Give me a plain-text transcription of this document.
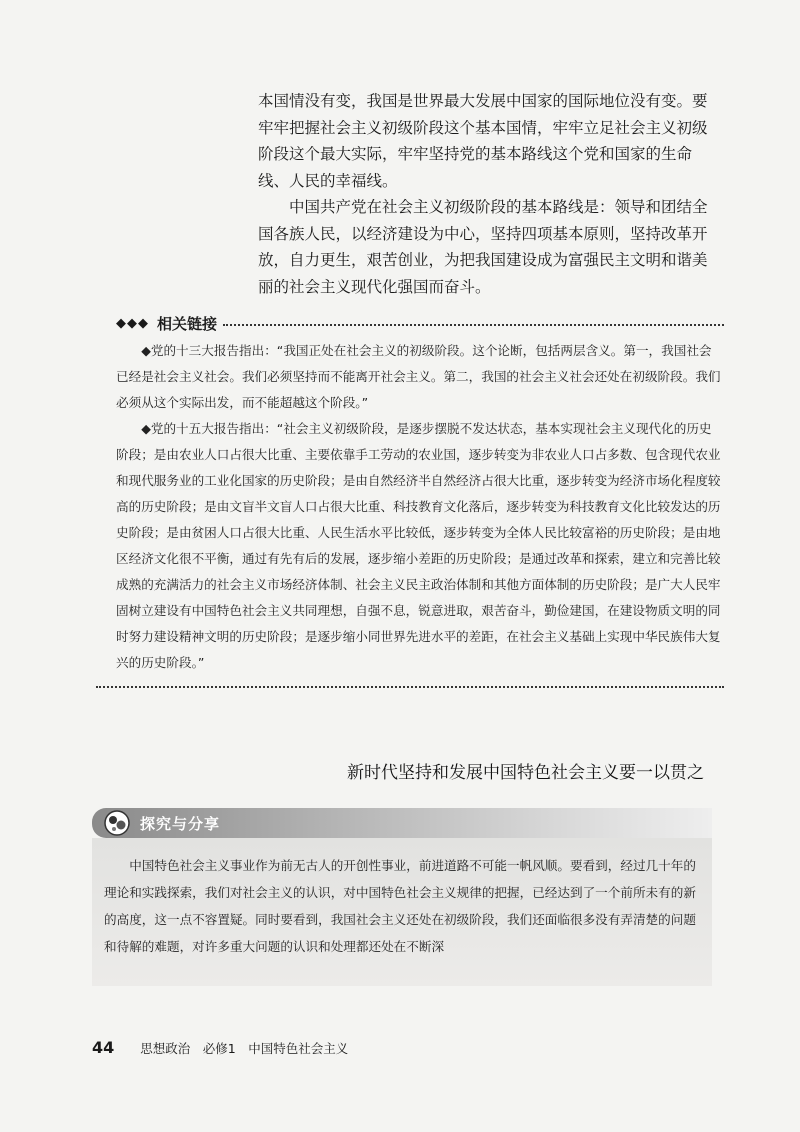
本国情没有变，我国是世界最大发展中国家的国际地位没有变。要牢牢把握社会主义初级阶段这个基本国情，牢牢立足社会主义初级阶段这个最大实际，牢牢坚持党的基本路线这个党和国家的生命线、人民的幸福线。

中国共产党在社会主义初级阶段的基本路线是：领导和团结全国各族人民，以经济建设为中心，坚持四项基本原则，坚持改革开放，自力更生，艰苦创业，为把我国建设成为富强民主文明和谐美丽的社会主义现代化强国而奋斗。

◆◆◆ 相关链接

◆党的十三大报告指出：“我国正处在社会主义的初级阶段。这个论断，包括两层含义。第一，我国社会已经是社会主义社会。我们必须坚持而不能离开社会主义。第二，我国的社会主义社会还处在初级阶段。我们必须从这个实际出发，而不能超越这个阶段。”

◆党的十五大报告指出：“社会主义初级阶段，是逐步摆脱不发达状态，基本实现社会主义现代化的历史阶段；是由农业人口占很大比重、主要依靠手工劳动的农业国，逐步转变为非农业人口占多数、包含现代农业和现代服务业的工业化国家的历史阶段；是由自然经济半自然经济占很大比重，逐步转变为经济市场化程度较高的历史阶段；是由文盲半文盲人口占很大比重、科技教育文化落后，逐步转变为科技教育文化比较发达的历史阶段；是由贫困人口占很大比重、人民生活水平比较低，逐步转变为全体人民比较富裕的历史阶段；是由地区经济文化很不平衡，通过有先有后的发展，逐步缩小差距的历史阶段；是通过改革和探索，建立和完善比较成熟的充满活力的社会主义市场经济体制、社会主义民主政治体制和其他方面体制的历史阶段；是广大人民牢固树立建设有中国特色社会主义共同理想，自强不息，锐意进取，艰苦奋斗，勤俭建国，在建设物质文明的同时努力建设精神文明的历史阶段；是逐步缩小同世界先进水平的差距，在社会主义基础上实现中华民族伟大复兴的历史阶段。”

新时代坚持和发展中国特色社会主义要一以贯之
探究与分享

中国特色社会主义事业作为前无古人的开创性事业，前进道路不可能一帆风顺。要看到，经过几十年的理论和实践探索，我们对社会主义的认识，对中国特色社会主义规律的把握，已经达到了一个前所未有的新的高度，这一点不容置疑。同时要看到，我国社会主义还处在初级阶段，我们还面临很多没有弄清楚的问题和待解的难题，对许多重大问题的认识和处理都还处在不断深

44 思想政治　必修1　中国特色社会主义
